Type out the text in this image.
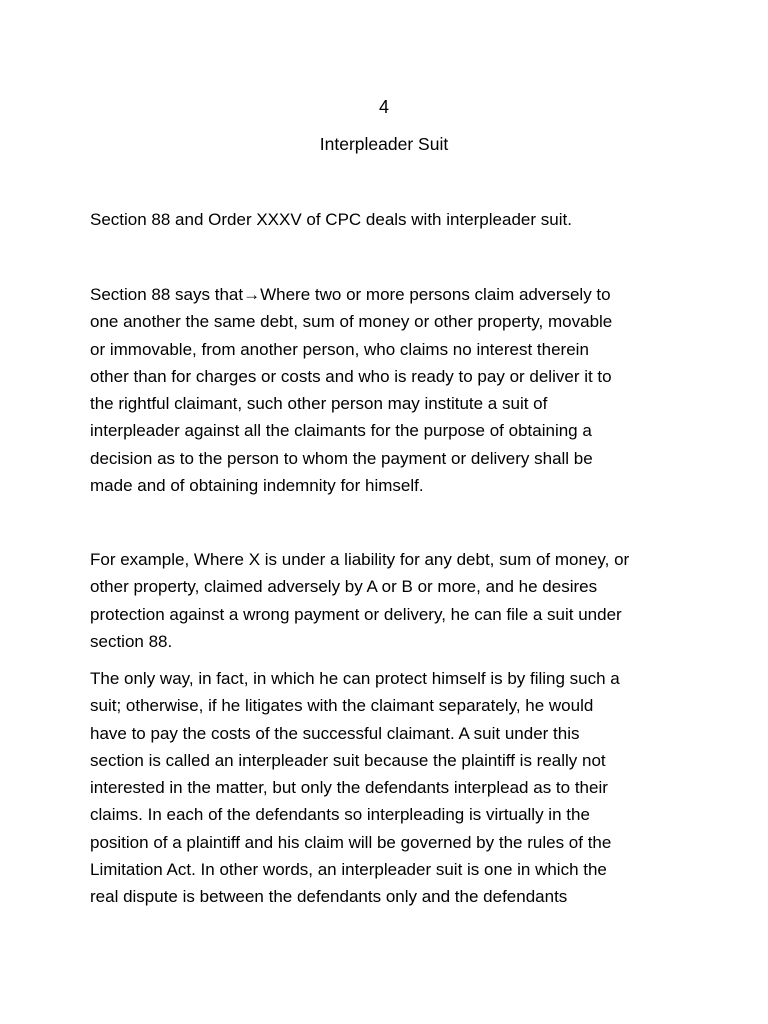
4
Interpleader Suit

Section 88 and Order XXXV of CPC deals with interpleader suit.

Section 88 says that→Where two or more persons claim adversely to
one another the same debt, sum of money or other property, movable
or immovable, from another person, who claims no interest therein
other than for charges or costs and who is ready to pay or deliver it to
the rightful claimant, such other person may institute a suit of
interpleader against all the claimants for the purpose of obtaining a
decision as to the person to whom the payment or delivery shall be
made and of obtaining indemnity for himself.

For example, Where X is under a liability for any debt, sum of money, or
other property, claimed adversely by A or B or more, and he desires
protection against a wrong payment or delivery, he can file a suit under
section 88.

The only way, in fact, in which he can protect himself is by filing such a
suit; otherwise, if he litigates with the claimant separately, he would
have to pay the costs of the successful claimant. A suit under this
section is called an interpleader suit because the plaintiff is really not
interested in the matter, but only the defendants interplead as to their
claims. In each of the defendants so interpleading is virtually in the
position of a plaintiff and his claim will be governed by the rules of the
Limitation Act. In other words, an interpleader suit is one in which the
real dispute is between the defendants only and the defendants
